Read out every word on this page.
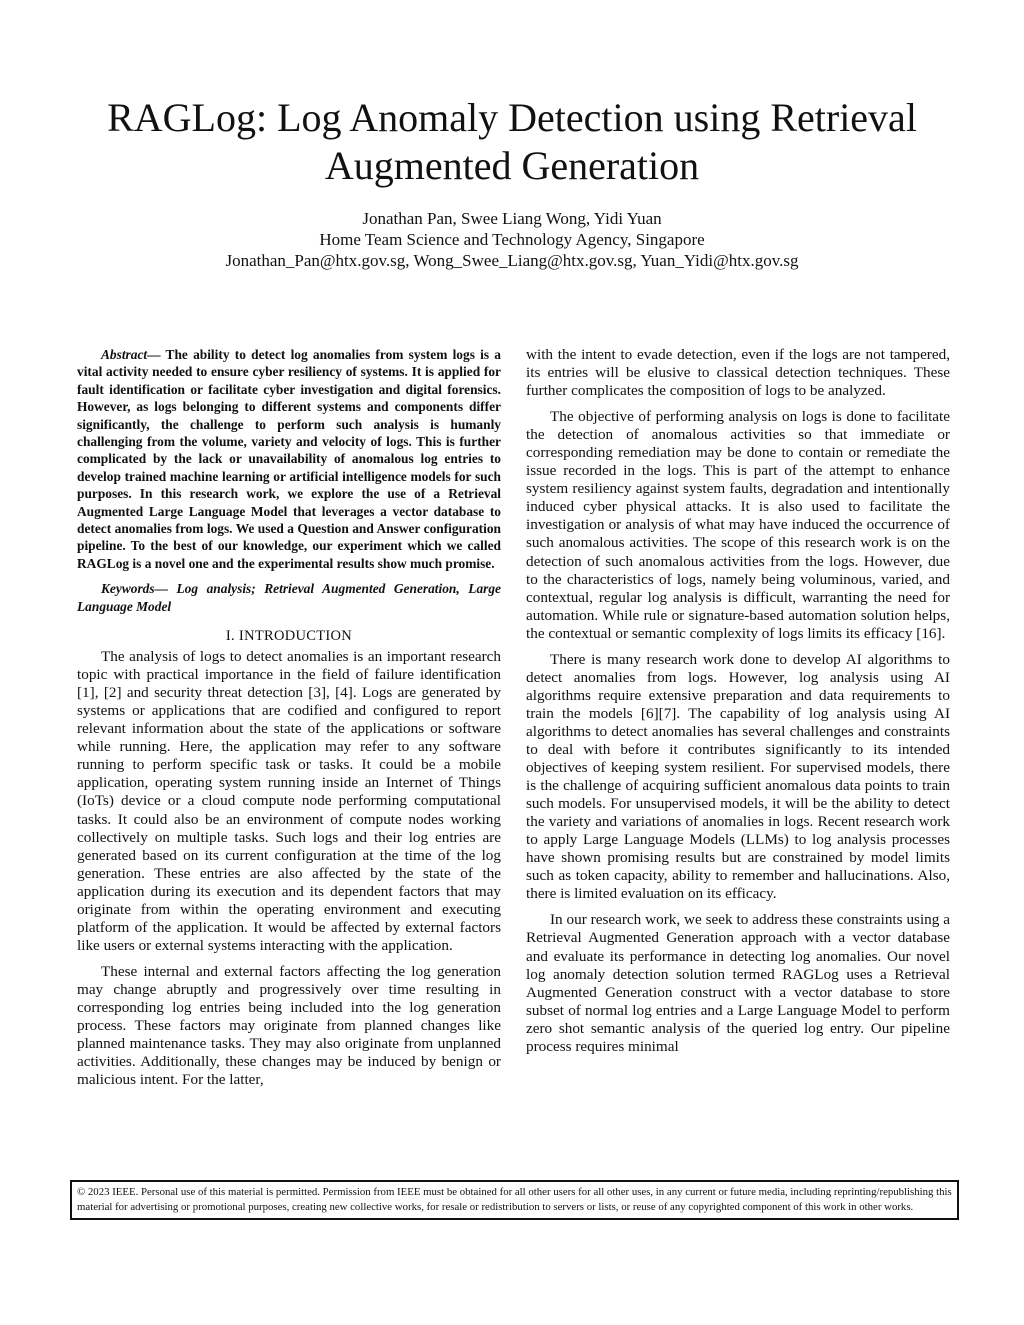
RAGLog: Log Anomaly Detection using Retrieval Augmented Generation
Jonathan Pan, Swee Liang Wong, Yidi Yuan
Home Team Science and Technology Agency, Singapore
Jonathan_Pan@htx.gov.sg, Wong_Swee_Liang@htx.gov.sg, Yuan_Yidi@htx.gov.sg

Abstract— The ability to detect log anomalies from system logs is a vital activity needed to ensure cyber resiliency of systems. It is applied for fault identification or facilitate cyber investigation and digital forensics. However, as logs belonging to different systems and components differ significantly, the challenge to perform such analysis is humanly challenging from the volume, variety and velocity of logs. This is further complicated by the lack or unavailability of anomalous log entries to develop trained machine learning or artificial intelligence models for such purposes. In this research work, we explore the use of a Retrieval Augmented Large Language Model that leverages a vector database to detect anomalies from logs. We used a Question and Answer configuration pipeline. To the best of our knowledge, our experiment which we called RAGLog is a novel one and the experimental results show much promise.

Keywords— Log analysis; Retrieval Augmented Generation, Large Language Model

I. INTRODUCTION

The analysis of logs to detect anomalies is an important research topic with practical importance in the field of failure identification [1], [2] and security threat detection [3], [4]. Logs are generated by systems or applications that are codified and configured to report relevant information about the state of the applications or software while running. Here, the application may refer to any software running to perform specific task or tasks. It could be a mobile application, operating system running inside an Internet of Things (IoTs) device or a cloud compute node performing computational tasks. It could also be an environment of compute nodes working collectively on multiple tasks. Such logs and their log entries are generated based on its current configuration at the time of the log generation. These entries are also affected by the state of the application during its execution and its dependent factors that may originate from within the operating environment and executing platform of the application. It would be affected by external factors like users or external systems interacting with the application.

These internal and external factors affecting the log generation may change abruptly and progressively over time resulting in corresponding log entries being included into the log generation process. These factors may originate from planned changes like planned maintenance tasks. They may also originate from unplanned activities. Additionally, these changes may be induced by benign or malicious intent. For the latter,

with the intent to evade detection, even if the logs are not tampered, its entries will be elusive to classical detection techniques. These further complicates the composition of logs to be analyzed.

The objective of performing analysis on logs is done to facilitate the detection of anomalous activities so that immediate or corresponding remediation may be done to contain or remediate the issue recorded in the logs. This is part of the attempt to enhance system resiliency against system faults, degradation and intentionally induced cyber physical attacks. It is also used to facilitate the investigation or analysis of what may have induced the occurrence of such anomalous activities. The scope of this research work is on the detection of such anomalous activities from the logs. However, due to the characteristics of logs, namely being voluminous, varied, and contextual, regular log analysis is difficult, warranting the need for automation. While rule or signature-based automation solution helps, the contextual or semantic complexity of logs limits its efficacy [16].

There is many research work done to develop AI algorithms to detect anomalies from logs. However, log analysis using AI algorithms require extensive preparation and data requirements to train the models [6][7]. The capability of log analysis using AI algorithms to detect anomalies has several challenges and constraints to deal with before it contributes significantly to its intended objectives of keeping system resilient. For supervised models, there is the challenge of acquiring sufficient anomalous data points to train such models. For unsupervised models, it will be the ability to detect the variety and variations of anomalies in logs. Recent research work to apply Large Language Models (LLMs) to log analysis processes have shown promising results but are constrained by model limits such as token capacity, ability to remember and hallucinations. Also, there is limited evaluation on its efficacy.

In our research work, we seek to address these constraints using a Retrieval Augmented Generation approach with a vector database and evaluate its performance in detecting log anomalies. Our novel log anomaly detection solution termed RAGLog uses a Retrieval Augmented Generation construct with a vector database to store subset of normal log entries and a Large Language Model to perform zero shot semantic analysis of the queried log entry. Our pipeline process requires minimal

© 2023 IEEE. Personal use of this material is permitted. Permission from IEEE must be obtained for all other users for all other uses, in any current or future media, including reprinting/republishing this material for advertising or promotional purposes, creating new collective works, for resale or redistribution to servers or lists, or reuse of any copyrighted component of this work in other works.
